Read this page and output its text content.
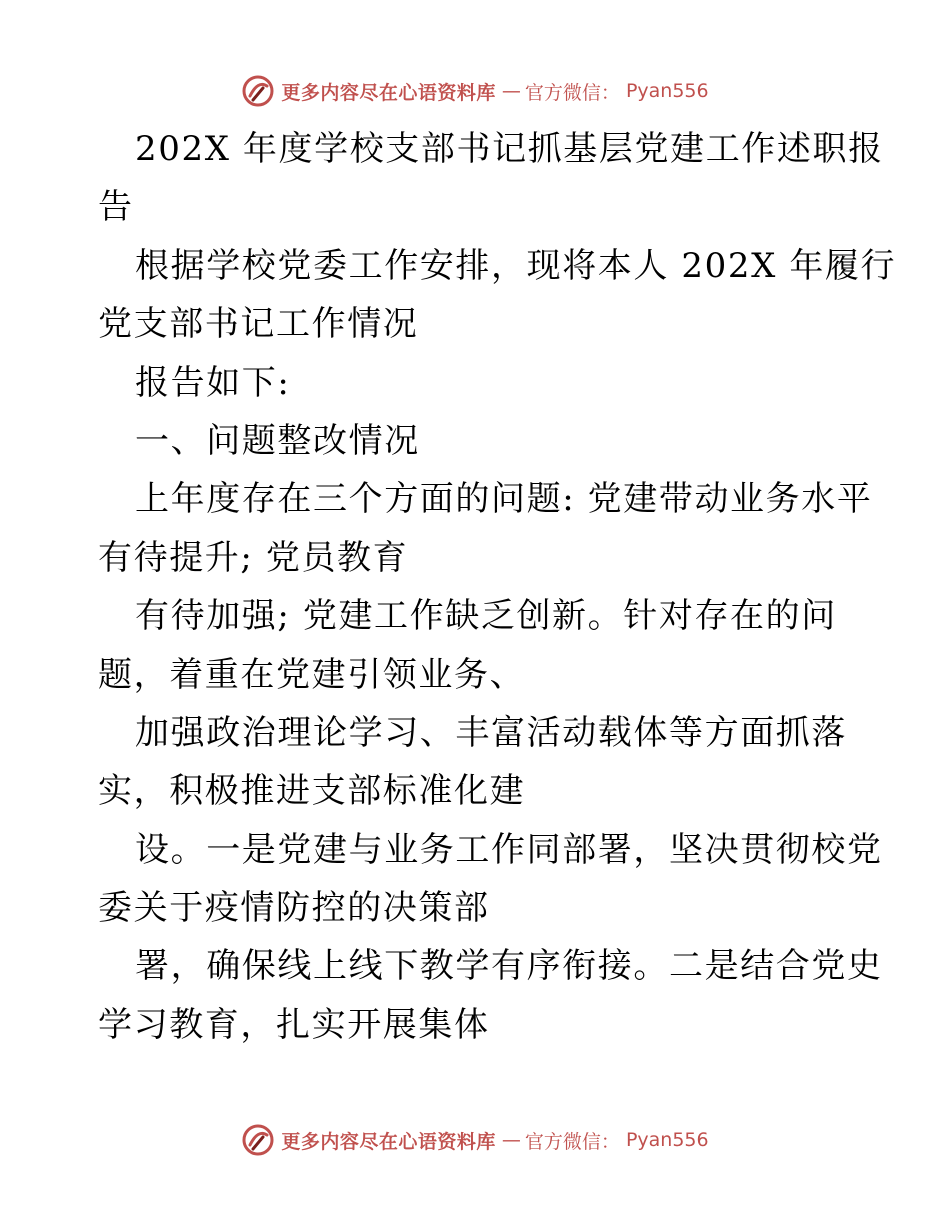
更多内容尽在心语资料库 — 官方微信： Pyan556
202X 年度学校支部书记抓基层党建工作述职报
告
根据学校党委工作安排，现将本人 202X 年履行
党支部书记工作情况
报告如下:
一、问题整改情况
上年度存在三个方面的问题: 党建带动业务水平
有待提升; 党员教育
有待加强; 党建工作缺乏创新。针对存在的问
题，着重在党建引领业务、
加强政治理论学习、丰富活动载体等方面抓落
实，积极推进支部标准化建
设。一是党建与业务工作同部署，坚决贯彻校党
委关于疫情防控的决策部
署，确保线上线下教学有序衔接。二是结合党史
学习教育，扎实开展集体
更多内容尽在心语资料库 — 官方微信： Pyan556
